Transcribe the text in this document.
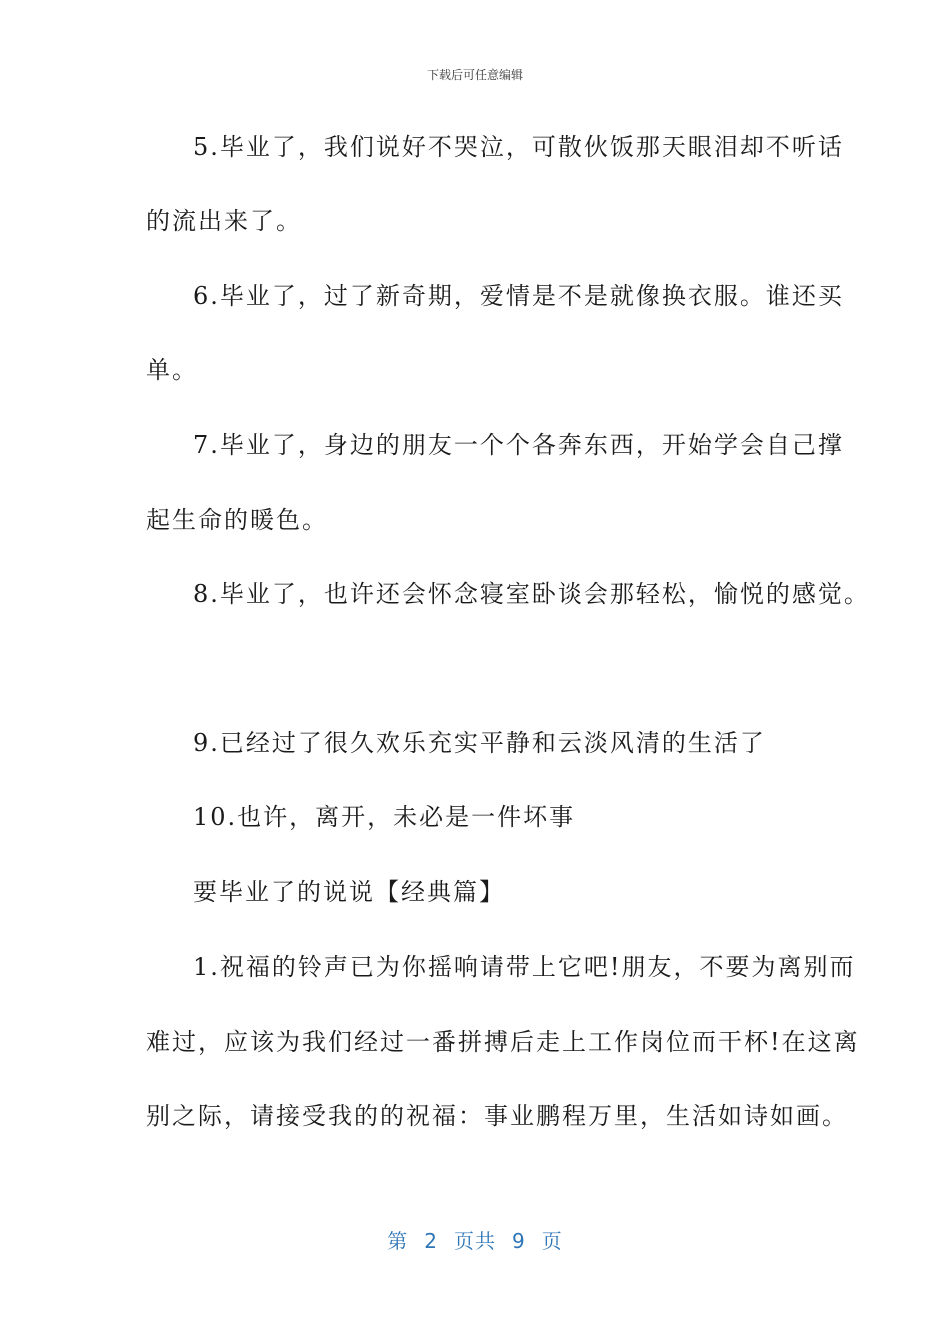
下载后可任意编辑
5.毕业了，我们说好不哭泣，可散伙饭那天眼泪却不听话
的流出来了。
6.毕业了，过了新奇期，爱情是不是就像换衣服。谁还买
单。
7.毕业了，身边的朋友一个个各奔东西，开始学会自己撑
起生命的暖色。
8.毕业了，也许还会怀念寝室卧谈会那轻松，愉悦的感觉。
9.已经过了很久欢乐充实平静和云淡风清的生活了
10.也许，离开，未必是一件坏事
要毕业了的说说【经典篇】
1.祝福的铃声已为你摇响请带上它吧!朋友，不要为离别而
难过，应该为我们经过一番拼搏后走上工作岗位而干杯!在这离
别之际，请接受我的的祝福：事业鹏程万里，生活如诗如画。
第 2 页共 9 页
